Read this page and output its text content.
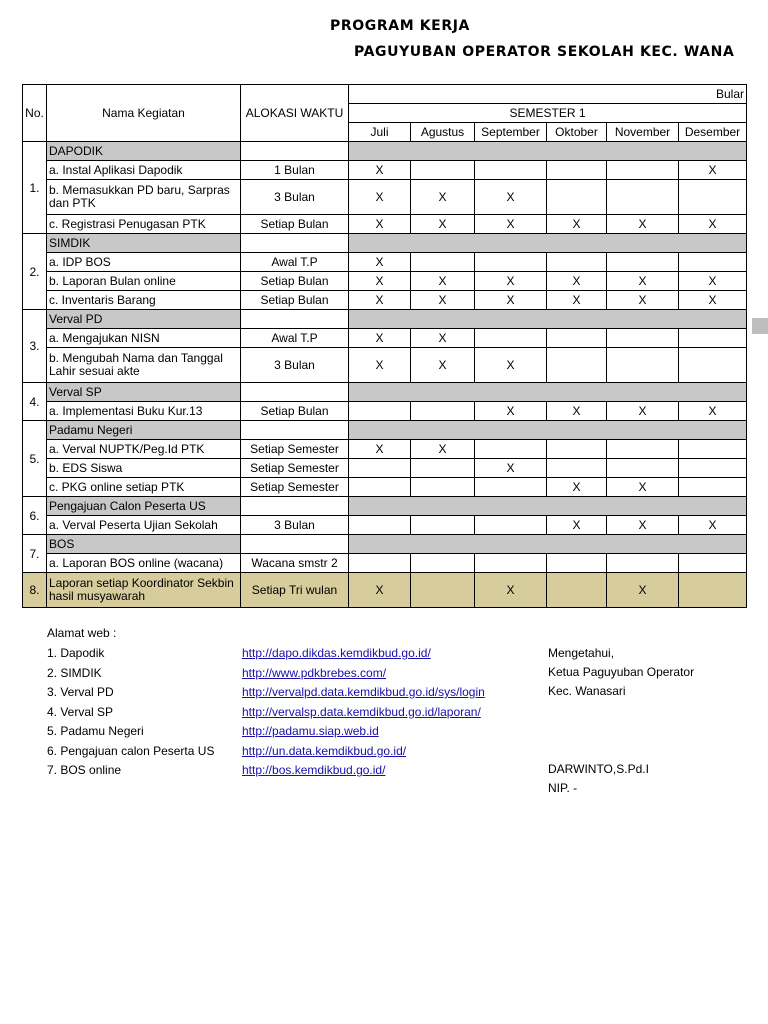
PROGRAM KERJA
PAGUYUBAN OPERATOR SEKOLAH KEC. WANA
No.	Nama Kegiatan	ALOKASI WAKTU	Bular					
			SEMESTER 1					
			Juli	Agustus	September	Oktober	November	Desember
1.	DAPODIK							
	a. Instal Aplikasi Dapodik	1 Bulan	X					X
	b. Memasukkan PD baru, Sarpras dan PTK	3 Bulan	X	X	X			
	c. Registrasi Penugasan PTK	Setiap Bulan	X	X	X	X	X	X
2.	SIMDIK							
	a. IDP BOS	Awal T.P	X					
	b. Laporan Bulan online	Setiap Bulan	X	X	X	X	X	X
	c. Inventaris Barang	Setiap Bulan	X	X	X	X	X	X
3.	Verval PD							
	a. Mengajukan NISN	Awal T.P	X	X				
	b. Mengubah Nama dan Tanggal Lahir sesuai akte	3 Bulan	X	X	X			
4.	Verval SP							
	a. Implementasi Buku Kur.13	Setiap Bulan			X	X	X	X
5.	Padamu Negeri							
	a. Verval NUPTK/Peg.Id PTK	Setiap Semester	X	X				
	b. EDS Siswa	Setiap Semester			X			
	c. PKG online setiap PTK	Setiap Semester				X	X	
6.	Pengajuan Calon Peserta US							
	a. Verval Peserta Ujian Sekolah	3 Bulan				X	X	X
7.	BOS							
	a. Laporan BOS online (wacana)	Wacana smstr 2						
8.	Laporan setiap Koordinator Sekbin hasil musyawarah	Setiap Tri wulan	X		X		X	
Alamat web :
1. Dapodik	http://dapo.dikdas.kemdikbud.go.id/
2. SIMDIK	http://www.pdkbrebes.com/
3. Verval PD	http://vervalpd.data.kemdikbud.go.id/sys/login
4. Verval SP	http://vervalsp.data.kemdikbud.go.id/laporan/
5. Padamu Negeri	http://padamu.siap.web.id
6. Pengajuan calon Peserta US http://un.data.kemdikbud.go.id/
7. BOS online	http://bos.kemdikbud.go.id/
Mengetahui,
Ketua Paguyuban Operator
Kec. Wanasari
DARWINTO,S.Pd.I
NIP. -
